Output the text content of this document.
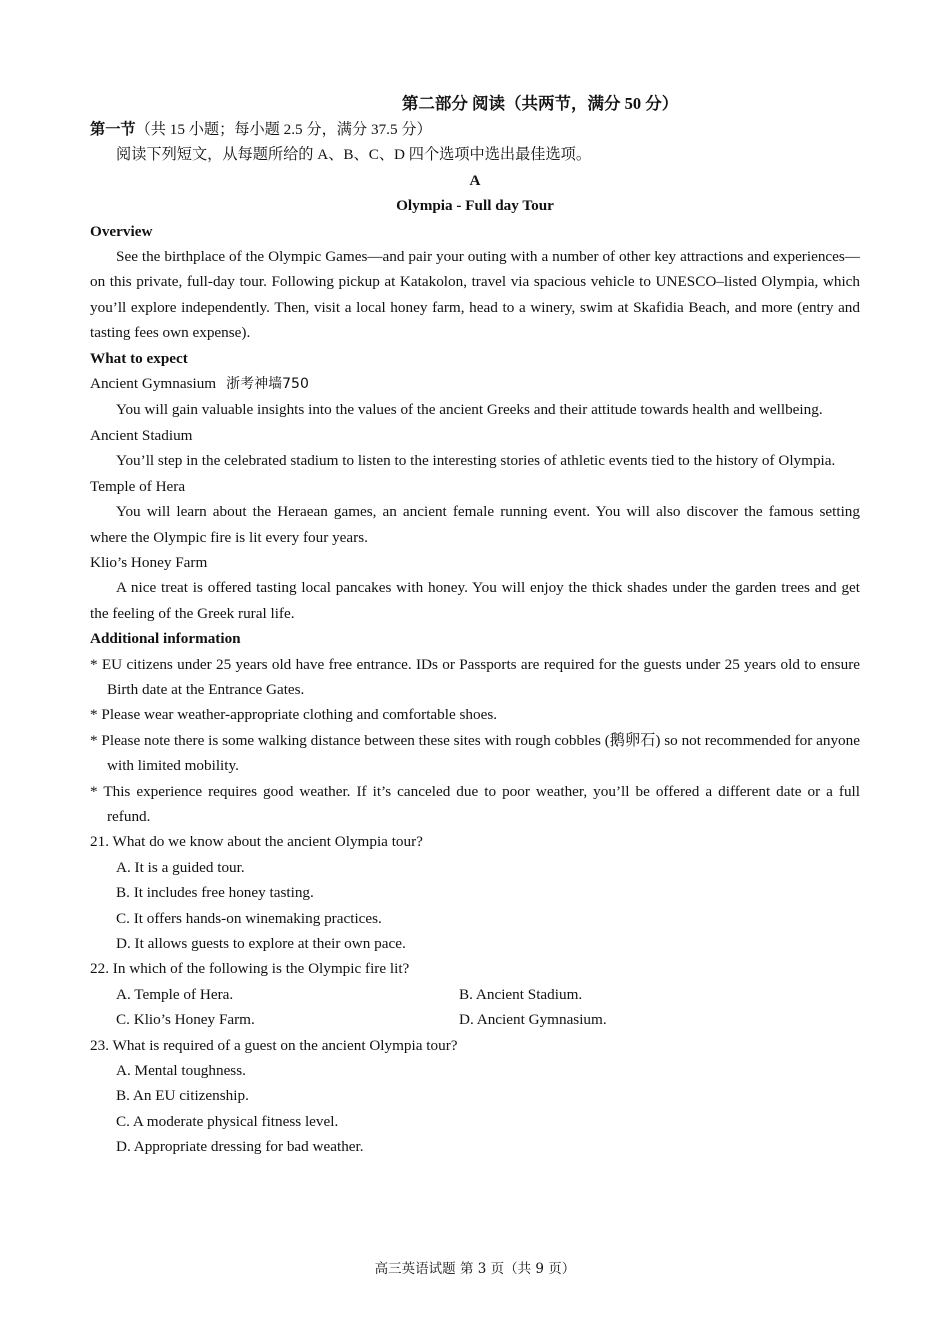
第二部分 阅读（共两节，满分 50 分）
第一节（共 15 小题；每小题 2.5 分，满分 37.5 分）
阅读下列短文，从每题所给的 A、B、C、D 四个选项中选出最佳选项。
A
Olympia - Full day Tour
Overview
See the birthplace of the Olympic Games—and pair your outing with a number of other key attractions and experiences—on this private, full-day tour. Following pickup at Katakolon, travel via spacious vehicle to UNESCO–listed Olympia, which you’ll explore independently. Then, visit a local honey farm, head to a winery, swim at Skafidia Beach, and more (entry and tasting fees own expense).
What to expect
Ancient Gymnasium 浙考神墙750
You will gain valuable insights into the values of the ancient Greeks and their attitude towards health and wellbeing.
Ancient Stadium
You’ll step in the celebrated stadium to listen to the interesting stories of athletic events tied to the history of Olympia.
Temple of Hera
You will learn about the Heraean games, an ancient female running event. You will also discover the famous setting where the Olympic fire is lit every four years.
Klio’s Honey Farm
A nice treat is offered tasting local pancakes with honey. You will enjoy the thick shades under the garden trees and get the feeling of the Greek rural life.
Additional information
* EU citizens under 25 years old have free entrance. IDs or Passports are required for the guests under 25 years old to ensure Birth date at the Entrance Gates.
* Please wear weather-appropriate clothing and comfortable shoes.
* Please note there is some walking distance between these sites with rough cobbles (鹅卵石) so not recommended for anyone with limited mobility.
* This experience requires good weather. If it’s canceled due to poor weather, you’ll be offered a different date or a full refund.
21. What do we know about the ancient Olympia tour?
A. It is a guided tour.
B. It includes free honey tasting.
C. It offers hands-on winemaking practices.
D. It allows guests to explore at their own pace.
22. In which of the following is the Olympic fire lit?
A. Temple of Hera.	B. Ancient Stadium.
C. Klio’s Honey Farm.	D. Ancient Gymnasium.
23. What is required of a guest on the ancient Olympia tour?
A. Mental toughness.
B. An EU citizenship.
C. A moderate physical fitness level.
D. Appropriate dressing for bad weather.
高三英语试题 第 3 页（共 9 页）
